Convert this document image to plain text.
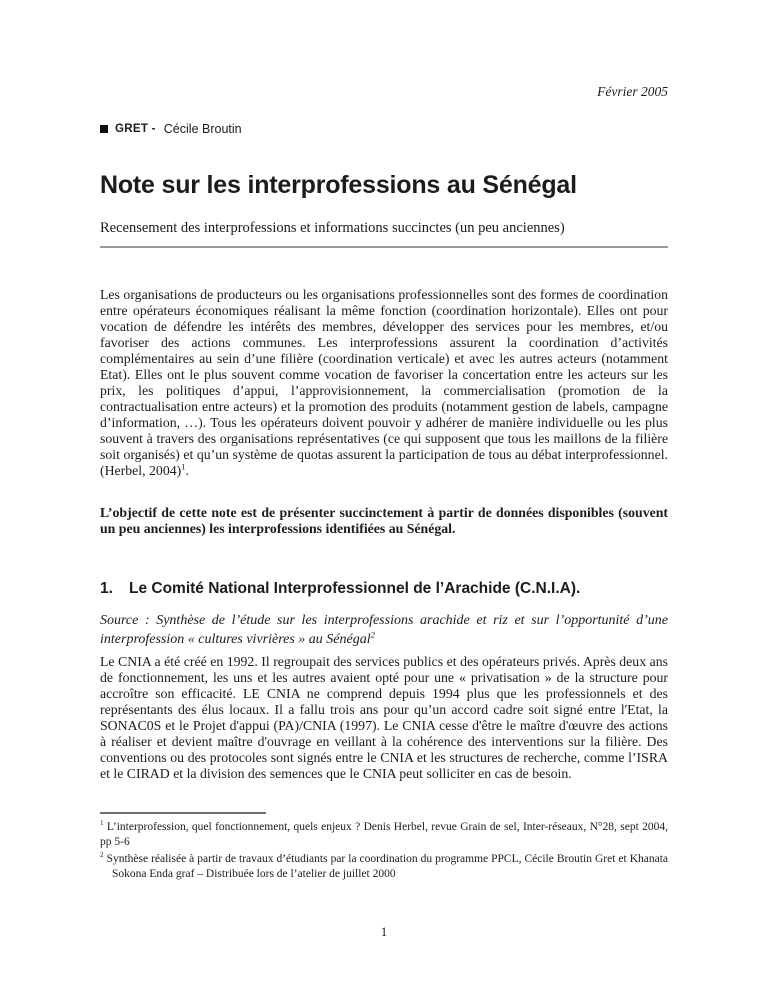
Février 2005
GRET - Cécile Broutin
Note sur les interprofessions au Sénégal
Recensement des interprofessions et informations succinctes (un peu anciennes)

Les organisations de producteurs ou les organisations professionnelles sont des formes de coordination entre opérateurs économiques réalisant la même fonction (coordination horizontale). Elles ont pour vocation de défendre les intérêts des membres, développer des services pour les membres, et/ou favoriser des actions communes. Les interprofessions assurent la coordination d’activités complémentaires au sein d’une filière (coordination verticale) et avec les autres acteurs (notamment Etat). Elles ont le plus souvent comme vocation de favoriser la concertation entre les acteurs sur les prix, les politiques d’appui, l’approvisionnement, la commercialisation (promotion de la contractualisation entre acteurs) et la promotion des produits (notamment gestion de labels, campagne d’information, …). Tous les opérateurs doivent pouvoir y adhérer de manière individuelle ou les plus souvent à travers des organisations représentatives (ce qui supposent que tous les maillons de la filière soit organisés) et qu’un système de quotas assurent la participation de tous au débat interprofessionnel.(Herbel, 2004)$^1$.

L’objectif de cette note est de présenter succinctement à partir de données disponibles (souvent un peu anciennes) les interprofessions identifiées au Sénégal.

1.	Le Comité National Interprofessionnel de l’Arachide (C.N.I.A).

Source : Synthèse de l’étude sur les interprofessions arachide et riz et sur l’opportunité d’une interprofession « cultures vivrières » au Sénégal$^2$

Le CNIA a été créé en 1992. Il regroupait des services publics et des opérateurs privés. Après deux ans de fonctionnement, les uns et les autres avaient opté pour une « privatisation » de la structure pour accroître son efficacité. LE CNIA ne comprend depuis 1994 plus que les professionnels et des représentants des élus locaux. Il a fallu trois ans pour qu’un accord cadre soit signé entre l'Etat, la SONAC0S et le Projet d'appui (PA)/CNIA (1997). Le CNIA cesse d'être le maître d'œuvre des actions à réaliser et devient maître d'ouvrage en veillant à la cohérence des interventions sur la filière. Des conventions ou des protocoles sont signés entre le CNIA et les structures de recherche, comme l’ISRA et le CIRAD et la division des semences que le CNIA peut solliciter en cas de besoin.

$^1$ L’interprofession, quel fonctionnement, quels enjeux ? Denis Herbel, revue Grain de sel, Inter-réseaux, N°28, sept 2004, pp 5-6

$^2$ Synthèse réalisée à partir de travaux d’étudiants par la coordination du programme PPCL, Cécile Broutin Gret et Khanata Sokona Enda graf – Distribuée lors de l’atelier de juillet 2000

1
